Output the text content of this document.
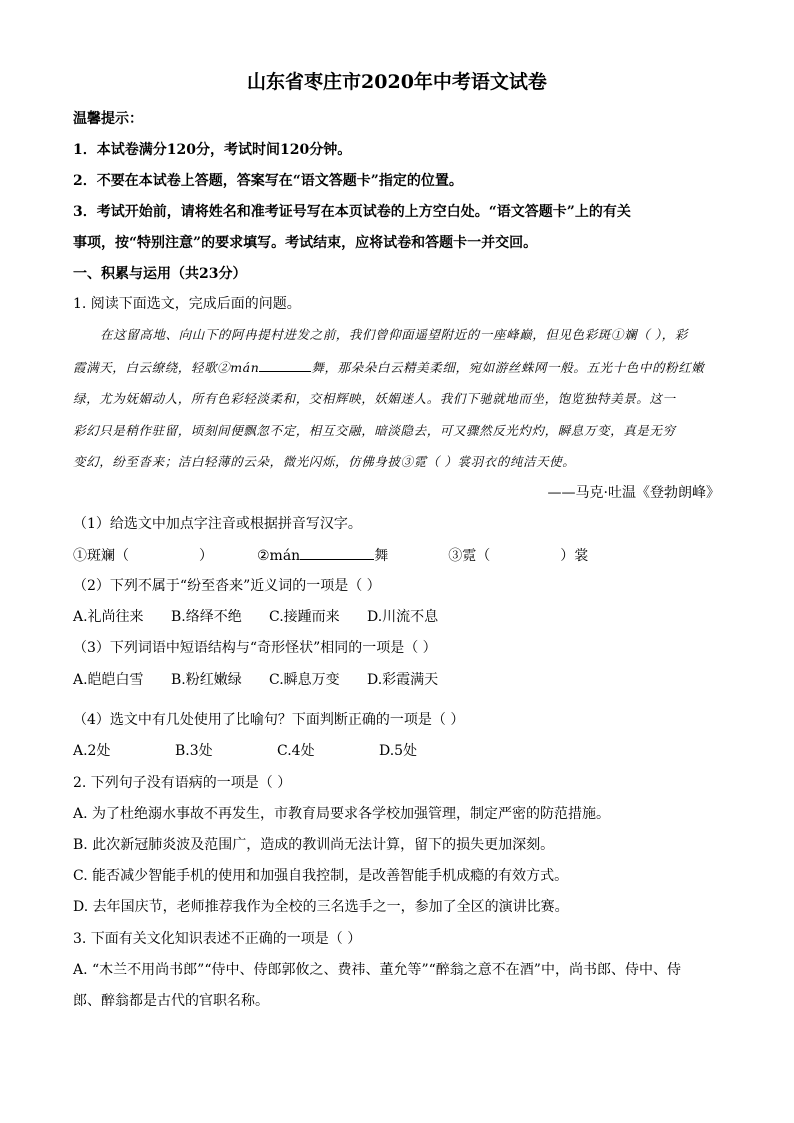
山东省枣庄市2020年中考语文试卷
温馨提示：
1．本试卷满分120分，考试时间120分钟。
2．不要在本试卷上答题，答案写在“语文答题卡”指定的位置。
3．考试开始前，请将姓名和准考证号写在本页试卷的上方空白处。“语文答题卡”上的有关
事项，按“特别注意”的要求填写。考试结束，应将试卷和答题卡一并交回。
一、积累与运用（共23分）
1. 阅读下面选文，完成后面的问题。
在这留高地、向山下的阿冉提村进发之前，我们曾仰面遥望附近的一座峰巅，但见色彩斑①斓（ ），彩
霞满天，白云缭绕，轻歌②mán	舞，那朵朵白云精美柔细，宛如游丝蛛网一般。五光十色中的粉红嫩
绿，尤为妩媚动人，所有色彩轻淡柔和，交相辉映，妖媚迷人。我们下驰就地而坐，饱览独特美景。这一
彩幻只是稍作驻留，顷刻间便飘忽不定，相互交融，暗淡隐去，可又骤然反光灼灼，瞬息万变，真是无穷
变幻，纷至沓来；洁白轻薄的云朵，微光闪烁，仿佛身披③霓（ ）裳羽衣的纯洁天使。
——马克·吐温《登勃朗峰》
（1）给选文中加点字注音或根据拼音写汉字。
①斑斓（	）	②mán	舞	③霓（	）裳
（2）下列不属于“纷至沓来”近义词的一项是（ ）
A.礼尚往来 B.络绎不绝 C.接踵而来 D.川流不息
（3）下列词语中短语结构与“奇形怪状”相同的一项是（ ）
A.皑皑白雪 B.粉红嫩绿 C.瞬息万变 D.彩霞满天
（4）选文中有几处使用了比喻句？下面判断正确的一项是（ ）
A.2处	B.3处	C.4处	D.5处
2. 下列句子没有语病的一项是（ ）
A. 为了杜绝溺水事故不再发生，市教育局要求各学校加强管理，制定严密的防范措施。
B. 此次新冠肺炎波及范围广，造成的教训尚无法计算，留下的损失更加深刻。
C. 能否减少智能手机的使用和加强自我控制，是改善智能手机成瘾的有效方式。
D. 去年国庆节，老师推荐我作为全校的三名选手之一，参加了全区的演讲比赛。
3. 下面有关文化知识表述不正确的一项是（ ）
A. “木兰不用尚书郎”“侍中、侍郎郭攸之、费祎、董允等”“醉翁之意不在酒”中，尚书郎、侍中、侍
郎、醉翁都是古代的官职名称。
